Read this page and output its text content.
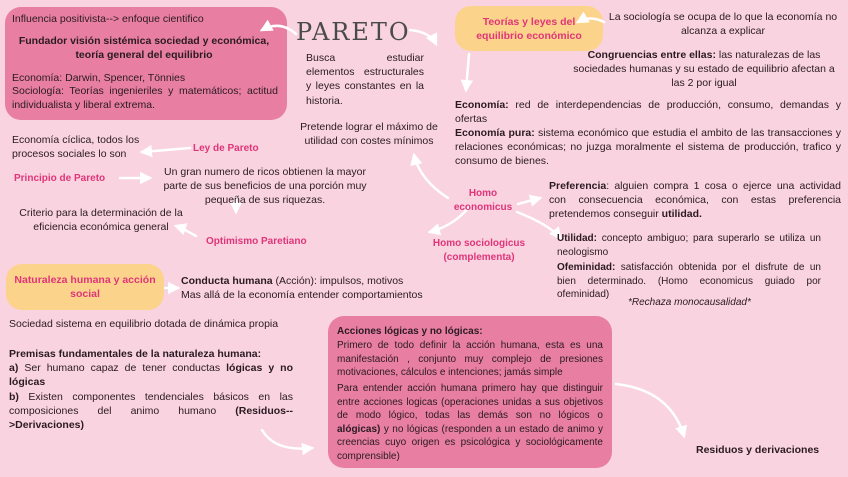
Influencia positivista--> enfoque cientifico
Fundador visión sistémica sociedad y económica, teoría general del equilibrio
Economía: Darwin, Spencer, Tönnies
Sociología: Teorías ingenieriles y matemáticos; actitud individualista y liberal extrema.
PARETO
Busca estudiar elementos estructurales y leyes constantes en la historia.
Teorías y leyes del equilibrio económico
La sociología se ocupa de lo que la economía no alcanza a explicar
Congruencias entre ellas: las naturalezas de las sociedades humanas y su estado de equilibrio afectan a las 2 por igual
Economía: red de interdependencias de producción, consumo, demandas y ofertas
Economía pura: sistema económico que estudia el ambito de las transacciones y relaciones económicas; no juzga moralmente el sistema de producción, trafico y consumo de bienes.
Pretende lograr el máximo de utilidad con costes mínimos
Economía cíclica, todos los procesos sociales lo son	Ley de Pareto
Principio de Pareto
Un gran numero de ricos obtienen la mayor parte de sus beneficios de una porción muy pequeña de sus riquezas.
Criterio para la determinación de la eficiencia económica general
Optimismo Paretiano
Homo economicus
Homo sociologicus (complementa)
Preferencia: alguien compra 1 cosa o ejerce una actividad con consecuencia económica, con estas preferencia pretendemos conseguir utilidad.
Utilidad: concepto ambiguo; para superarlo se utiliza un neologismo
Ofeminidad: satisfacción obtenida por el disfrute de un bien determinado. (Homo economicus guiado por ofeminidad)
*Rechaza monocausalidad*
Naturaleza humana y acción social
Conducta humana (Acción): impulsos, motivos
Mas allá de la economía entender comportamientos
Sociedad sistema en equilibrio dotada de dinámica propia
Premisas fundamentales de la naturaleza humana:
a) Ser humano capaz de tener conductas lógicas y no lógicas
b) Existen componentes tendenciales básicos en las composiciones del animo humano (Residuos-->Derivaciones)
Acciones lógicas y no lógicas:
Primero de todo definir la acción humana, esta es una manifestación , conjunto muy complejo de presiones motivaciones, cálculos e intenciones; jamás simple
Para entender acción humana primero hay que distinguir entre acciones logicas (operaciones unidas a sus objetivos de modo lógico, todas las demás son no lógicos o alógicas) y no lógicas (responden a un estado de animo y creencias cuyo origen es psicológica y sociológicamente comprensible)	Residuos y derivaciones
